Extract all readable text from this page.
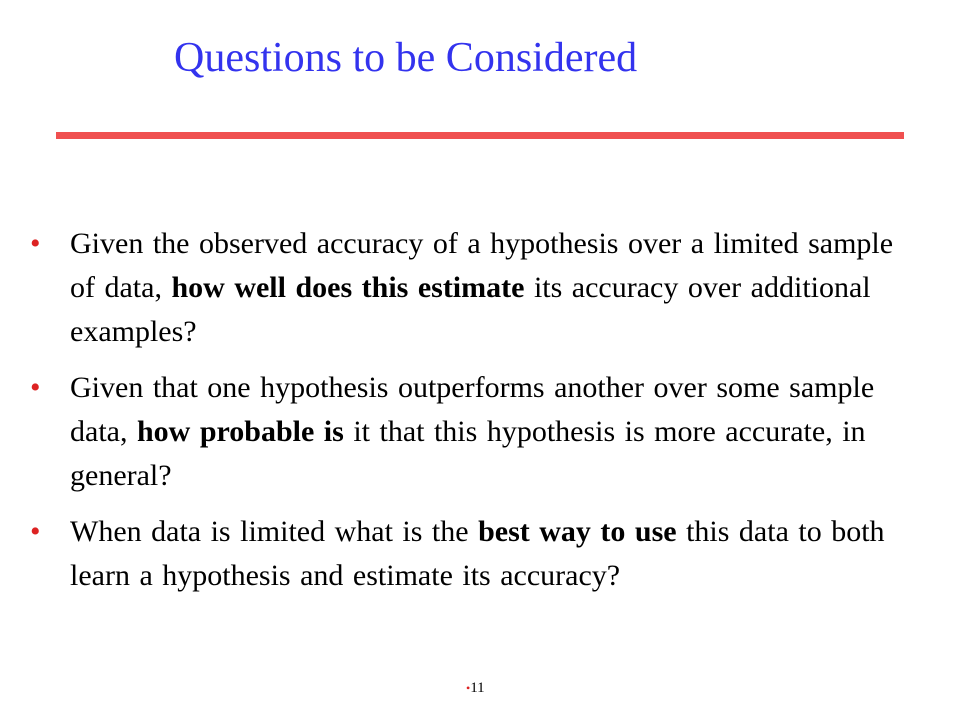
Questions to be Considered
• Given the observed accuracy of a hypothesis over a limited sample of data, how well does this estimate its accuracy over additional examples?
• Given that one hypothesis outperforms another over some sample data, how probable is it that this hypothesis is more accurate, in general?
• When data is limited what is the best way to use this data to both learn a hypothesis and estimate its accuracy?
•11
